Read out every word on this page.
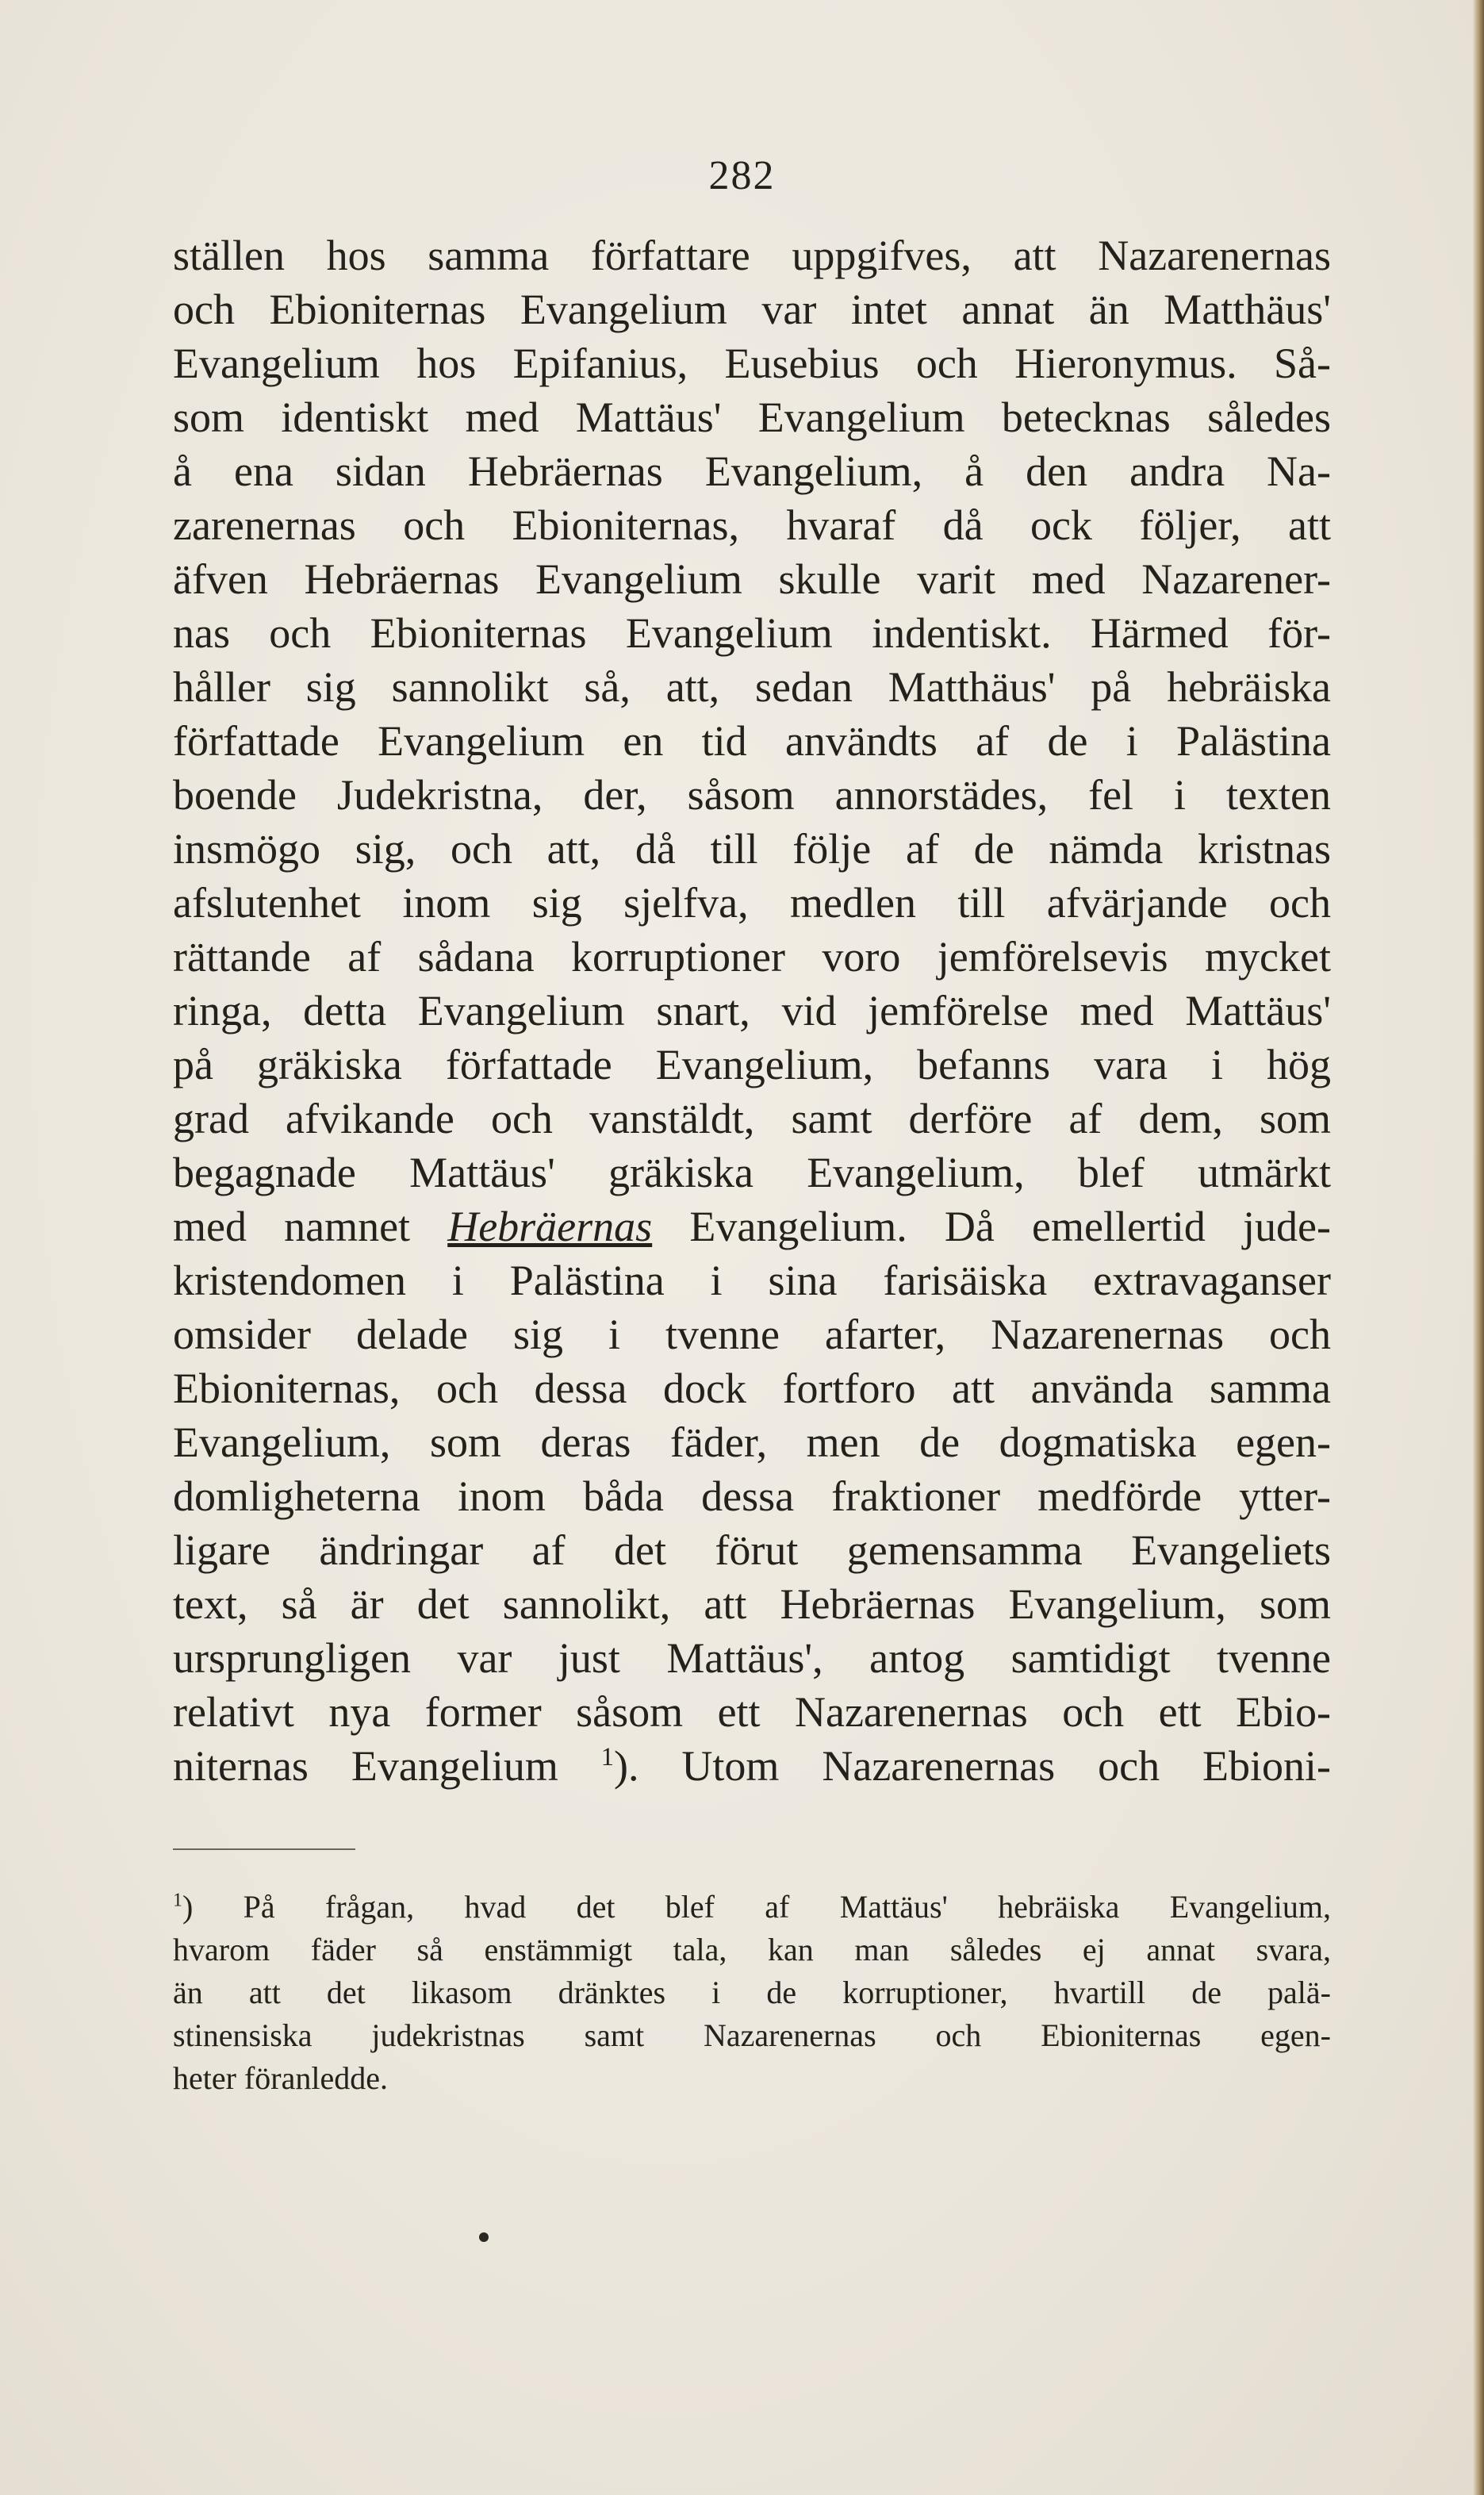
282
ställen hos samma författare uppgifves, att Nazarenernas
och Ebioniternas Evangelium var intet annat än Matthäus'
Evangelium hos Epifanius, Eusebius och Hieronymus. Så-
som identiskt med Mattäus' Evangelium betecknas således
å ena sidan Hebräernas Evangelium, å den andra Na-
zarenernas och Ebioniternas, hvaraf då ock följer, att
äfven Hebräernas Evangelium skulle varit med Nazarener-
nas och Ebioniternas Evangelium indentiskt. Härmed för-
håller sig sannolikt så, att, sedan Matthäus' på hebräiska
författade Evangelium en tid användts af de i Palästina
boende Judekristna, der, såsom annorstädes, fel i texten
insmögo sig, och att, då till följe af de nämda kristnas
afslutenhet inom sig sjelfva, medlen till afvärjande och
rättande af sådana korruptioner voro jemförelsevis mycket
ringa, detta Evangelium snart, vid jemförelse med Mattäus'
på gräkiska författade Evangelium, befanns vara i hög
grad afvikande och vanstäldt, samt derföre af dem, som
begagnade Mattäus' gräkiska Evangelium, blef utmärkt
med namnet Hebräernas Evangelium. Då emellertid jude-
kristendomen i Palästina i sina farisäiska extravaganser
omsider delade sig i tvenne afarter, Nazarenernas och
Ebioniternas, och dessa dock fortforo att använda samma
Evangelium, som deras fäder, men de dogmatiska egen-
domligheterna inom båda dessa fraktioner medförde ytter-
ligare ändringar af det förut gemensamma Evangeliets
text, så är det sannolikt, att Hebräernas Evangelium, som
ursprungligen var just Mattäus', antog samtidigt tvenne
relativt nya former såsom ett Nazarenernas och ett Ebio-
niternas Evangelium $^1$). Utom Nazarenernas och Ebioni-
$^1$) På frågan, hvad det blef af Mattäus' hebräiska Evangelium,
hvarom fäder så enstämmigt tala, kan man således ej annat svara,
än att det likasom dränktes i de korruptioner, hvartill de palä-
stinensiska judekristnas samt Nazarenernas och Ebioniternas egen-
heter föranledde.
